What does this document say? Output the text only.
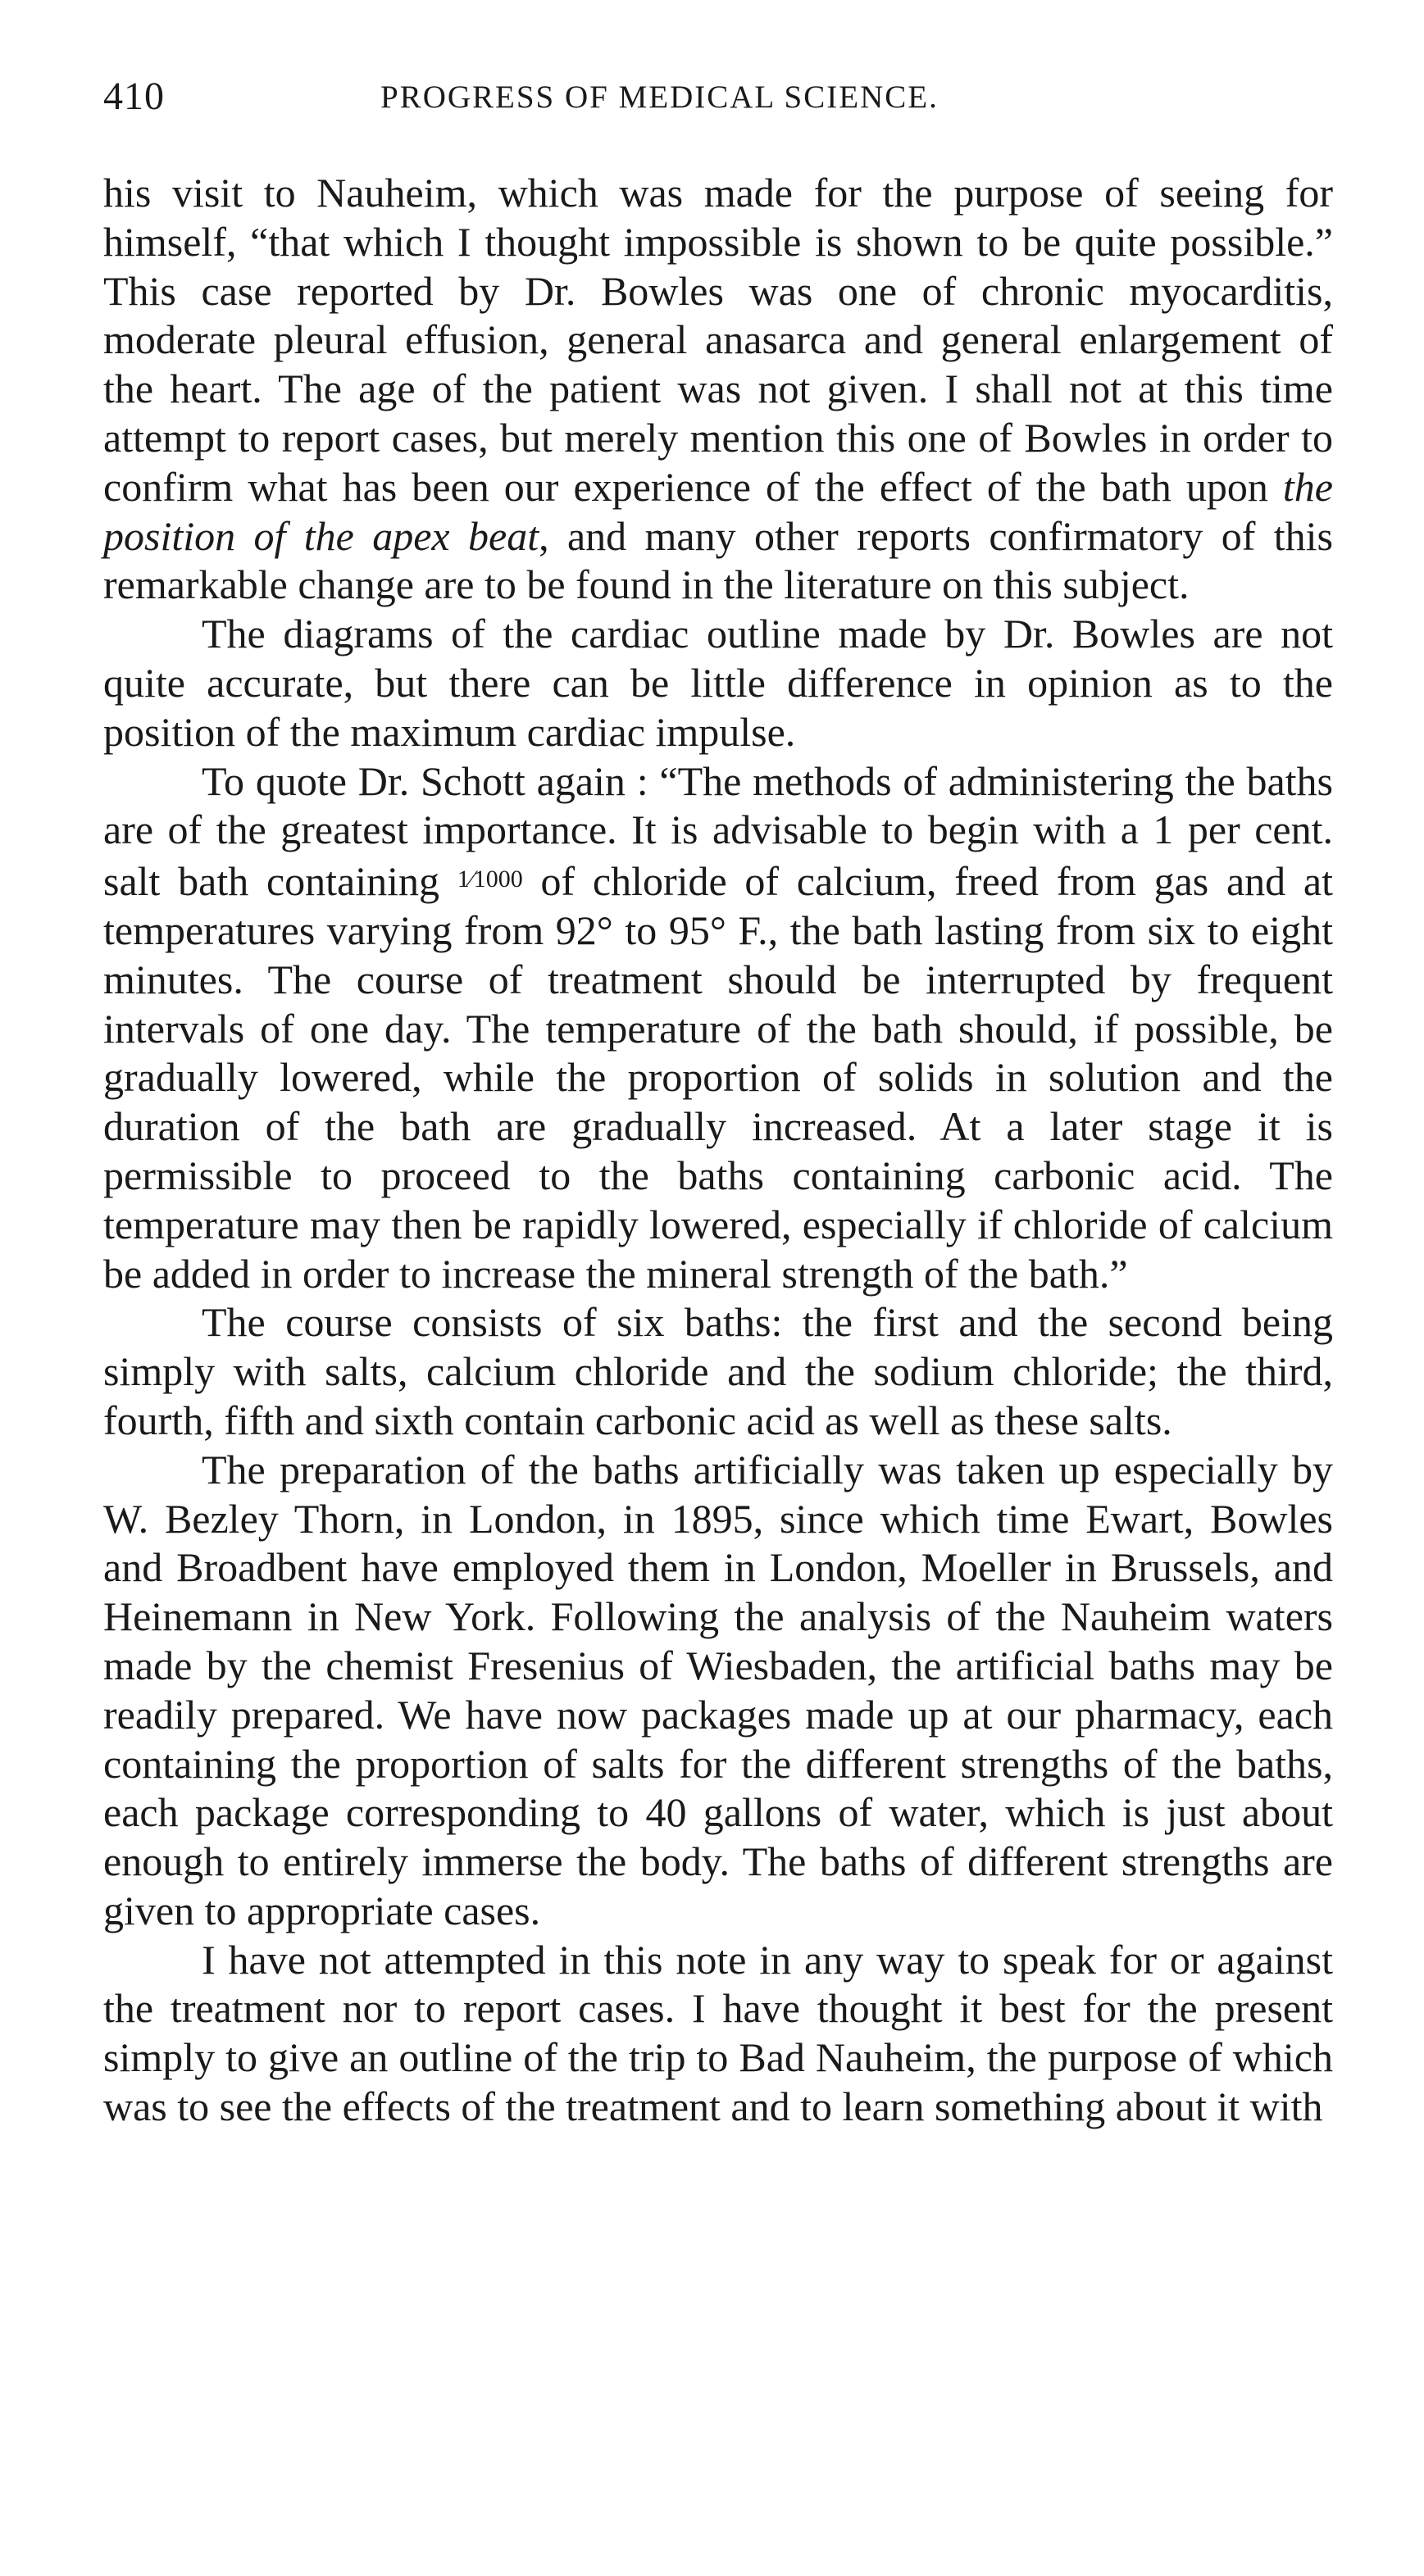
410	PROGRESS OF MEDICAL SCIENCE.

his visit to Nauheim, which was made for the purpose of seeing for himself, “that which I thought impossible is shown to be quite possible.” This case reported by Dr. Bowles was one of chronic myocarditis, moderate pleural effusion, general anasarca and general enlargement of the heart. The age of the patient was not given. I shall not at this time attempt to report cases, but merely mention this one of Bowles in order to confirm what has been our experience of the effect of the bath upon the position of the apex beat, and many other reports confirmatory of this remarkable change are to be found in the literature on this subject.

The diagrams of the cardiac outline made by Dr. Bowles are not quite accurate, but there can be little difference in opinion as to the position of the maximum cardiac impulse.

To quote Dr. Schott again : “The methods of administering the baths are of the greatest importance. It is advisable to begin with a 1 per cent. salt bath containing $^{1⁄1000}$ of chloride of calcium, freed from gas and at temperatures varying from 92° to 95° F., the bath lasting from six to eight minutes. The course of treatment should be interrupted by frequent intervals of one day. The temperature of the bath should, if possible, be gradually lowered, while the proportion of solids in solution and the duration of the bath are gradually increased. At a later stage it is permissible to proceed to the baths containing carbonic acid. The temperature may then be rapidly lowered, especially if chloride of calcium be added in order to increase the mineral strength of the bath.”

The course consists of six baths: the first and the second being simply with salts, calcium chloride and the sodium chloride; the third, fourth, fifth and sixth contain carbonic acid as well as these salts.

The preparation of the baths artificially was taken up especially by W. Bezley Thorn, in London, in 1895, since which time Ewart, Bowles and Broadbent have employed them in London, Moeller in Brussels, and Heinemann in New York. Following the analysis of the Nauheim waters made by the chemist Fresenius of Wiesbaden, the artificial baths may be readily prepared. We have now packages made up at our pharmacy, each containing the proportion of salts for the different strengths of the baths, each package corresponding to 40 gallons of water, which is just about enough to entirely immerse the body. The baths of different strengths are given to appropriate cases.

I have not attempted in this note in any way to speak for or against the treatment nor to report cases. I have thought it best for the present simply to give an outline of the trip to Bad Nauheim, the purpose of which was to see the effects of the treatment and to learn something about it with
